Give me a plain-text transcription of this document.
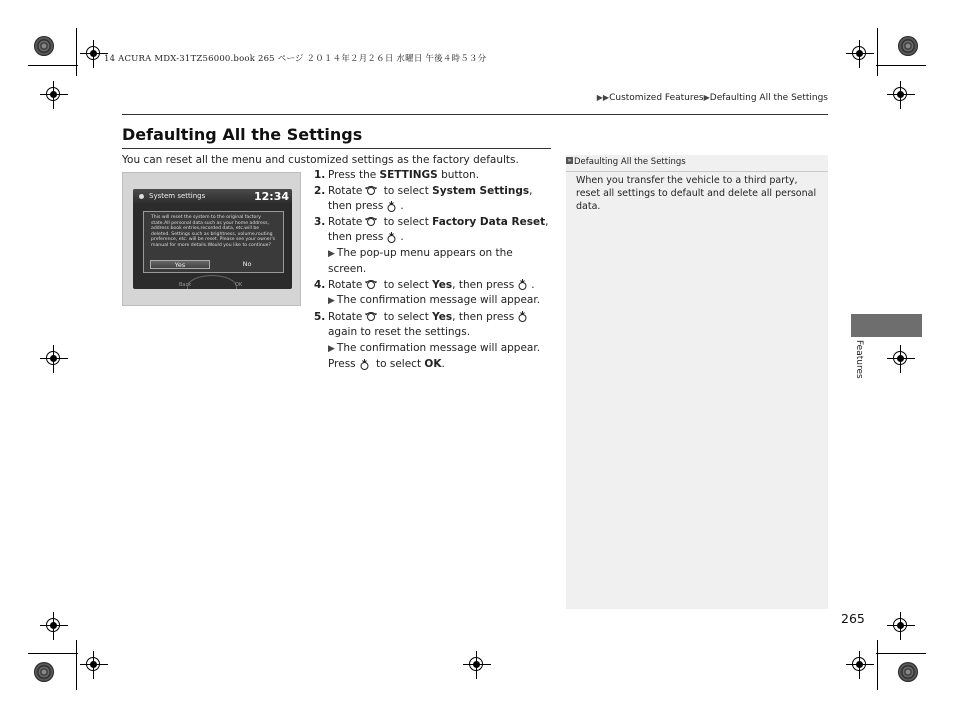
14 ACURA MDX-31TZ56000.book 265 ページ ２０１４年２月２６日 水曜日 午後４時５３分
▶▶Customized Features▶Defaulting All the Settings
Defaulting All the Settings
You can reset all the menu and customized settings as the factory defaults.
System settings	12:34
This will reset the system to the original factory state.All personal data such as your home address, address book entries,recorded data, etc.will be deleted. Settings such as brightness, volume,routing preference, etc. will be reset. Please see your owner's manual for more details.Would you like to continue?
Yes	No
Back	OK
1. Press the SETTINGS button.
2. Rotate to select System Settings, then press .
3. Rotate to select Factory Data Reset, then press .
▶ The pop-up menu appears on the screen.
4. Rotate to select Yes, then press .
▶ The confirmation message will appear.
5. Rotate to select Yes, then press
again to reset the settings.
▶ The confirmation message will appear.
Press to select OK.
» Defaulting All the Settings
When you transfer the vehicle to a third party, reset all settings to default and delete all personal data.
Features
265
